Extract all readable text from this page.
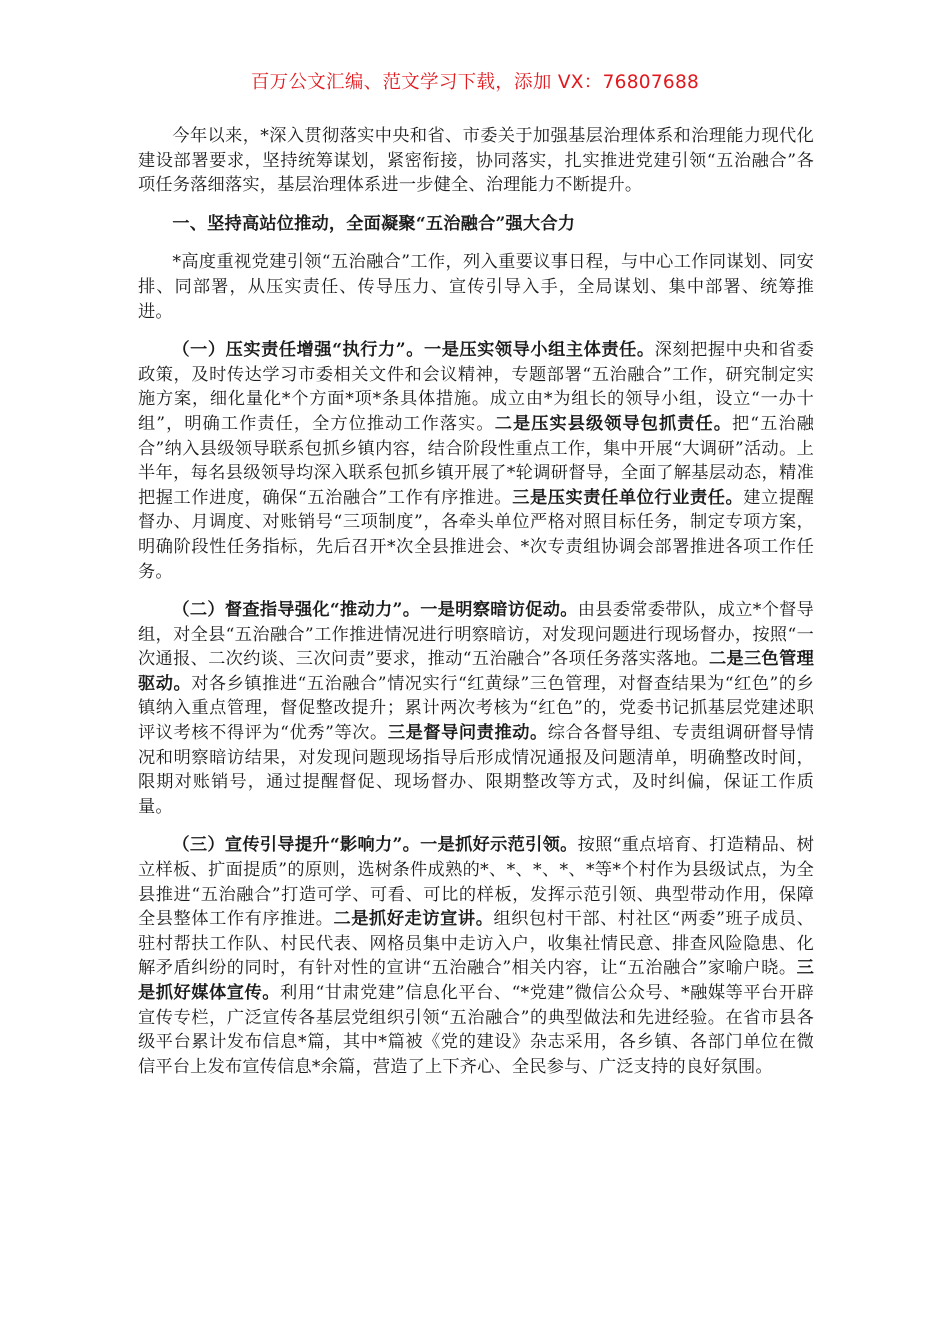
百万公文汇编、范文学习下载，添加 VX：76807688

今年以来，*深入贯彻落实中央和省、市委关于加强基层治理体系和治理能力现代化建设部署要求，坚持统筹谋划，紧密衔接，协同落实，扎实推进党建引领“五治融合”各项任务落细落实，基层治理体系进一步健全、治理能力不断提升。

一、坚持高站位推动，全面凝聚“五治融合”强大合力

*高度重视党建引领“五治融合”工作，列入重要议事日程，与中心工作同谋划、同安排、同部署，从压实责任、传导压力、宣传引导入手，全局谋划、集中部署、统筹推进。

（一）压实责任增强“执行力”。一是压实领导小组主体责任。深刻把握中央和省委政策，及时传达学习市委相关文件和会议精神，专题部署“五治融合”工作，研究制定实施方案，细化量化*个方面*项*条具体措施。成立由*为组长的领导小组，设立“一办十组”，明确工作责任，全方位推动工作落实。二是压实县级领导包抓责任。把“五治融合”纳入县级领导联系包抓乡镇内容，结合阶段性重点工作，集中开展“大调研”活动。上半年，每名县级领导均深入联系包抓乡镇开展了*轮调研督导，全面了解基层动态，精准把握工作进度，确保“五治融合”工作有序推进。三是压实责任单位行业责任。建立提醒督办、月调度、对账销号“三项制度”，各牵头单位严格对照目标任务，制定专项方案，明确阶段性任务指标，先后召开*次全县推进会、*次专责组协调会部署推进各项工作任务。

（二）督查指导强化“推动力”。一是明察暗访促动。由县委常委带队，成立*个督导组，对全县“五治融合”工作推进情况进行明察暗访，对发现问题进行现场督办，按照“一次通报、二次约谈、三次问责”要求，推动“五治融合”各项任务落实落地。二是三色管理驱动。对各乡镇推进“五治融合”情况实行“红黄绿”三色管理，对督查结果为“红色”的乡镇纳入重点管理，督促整改提升；累计两次考核为“红色”的，党委书记抓基层党建述职评议考核不得评为“优秀”等次。三是督导问责推动。综合各督导组、专责组调研督导情况和明察暗访结果，对发现问题现场指导后形成情况通报及问题清单，明确整改时间，限期对账销号，通过提醒督促、现场督办、限期整改等方式，及时纠偏，保证工作质量。

（三）宣传引导提升“影响力”。一是抓好示范引领。按照“重点培育、打造精品、树立样板、扩面提质”的原则，选树条件成熟的*、*、*、*、*等*个村作为县级试点，为全县推进“五治融合”打造可学、可看、可比的样板，发挥示范引领、典型带动作用，保障全县整体工作有序推进。二是抓好走访宣讲。组织包村干部、村社区“两委”班子成员、驻村帮扶工作队、村民代表、网格员集中走访入户，收集社情民意、排查风险隐患、化解矛盾纠纷的同时，有针对性的宣讲“五治融合”相关内容，让“五治融合”家喻户晓。三是抓好媒体宣传。利用“甘肃党建”信息化平台、“*党建”微信公众号、*融媒等平台开辟宣传专栏，广泛宣传各基层党组织引领“五治融合”的典型做法和先进经验。在省市县各级平台累计发布信息*篇，其中*篇被《党的建设》杂志采用，各乡镇、各部门单位在微信平台上发布宣传信息*余篇，营造了上下齐心、全民参与、广泛支持的良好氛围。
